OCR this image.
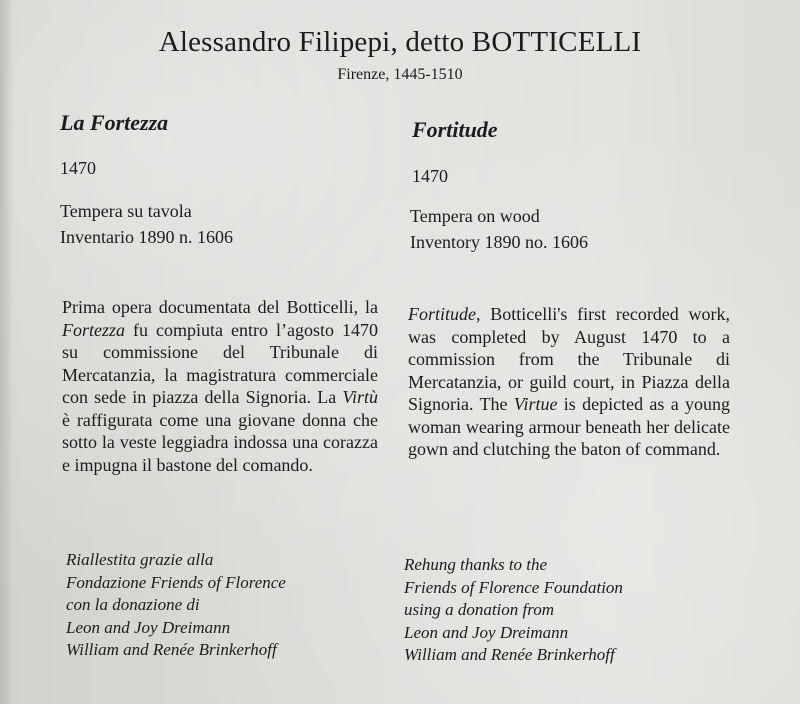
Alessandro Filipepi, detto BOTTICELLI
Firenze, 1445-1510
La Fortezza
1470
Tempera su tavola
Inventario 1890 n. 1606

Prima opera documentata del Botticelli, la Fortezza fu compiuta entro l’agosto 1470 su commissione del Tribunale di Mercatanzia, la magistratura commerciale con sede in piazza della Signoria. La Virtù è raffigurata come una giovane donna che sotto la veste leggiadra indossa una corazza e impugna il bastone del comando.

Riallestita grazie alla
Fondazione Friends of Florence
con la donazione di
Leon and Joy Dreimann
William and Renée Brinkerhoff
Fortitude
1470
Tempera on wood
Inventory 1890 no. 1606

Fortitude, Botticelli's first recorded work, was completed by August 1470 to a commission from the Tribunale di Mercatanzia, or guild court, in Piazza della Signoria. The Virtue is depicted as a young woman wearing armour beneath her delicate gown and clutching the baton of command.

Rehung thanks to the
Friends of Florence Foundation
using a donation from
Leon and Joy Dreimann
William and Renée Brinkerhoff
